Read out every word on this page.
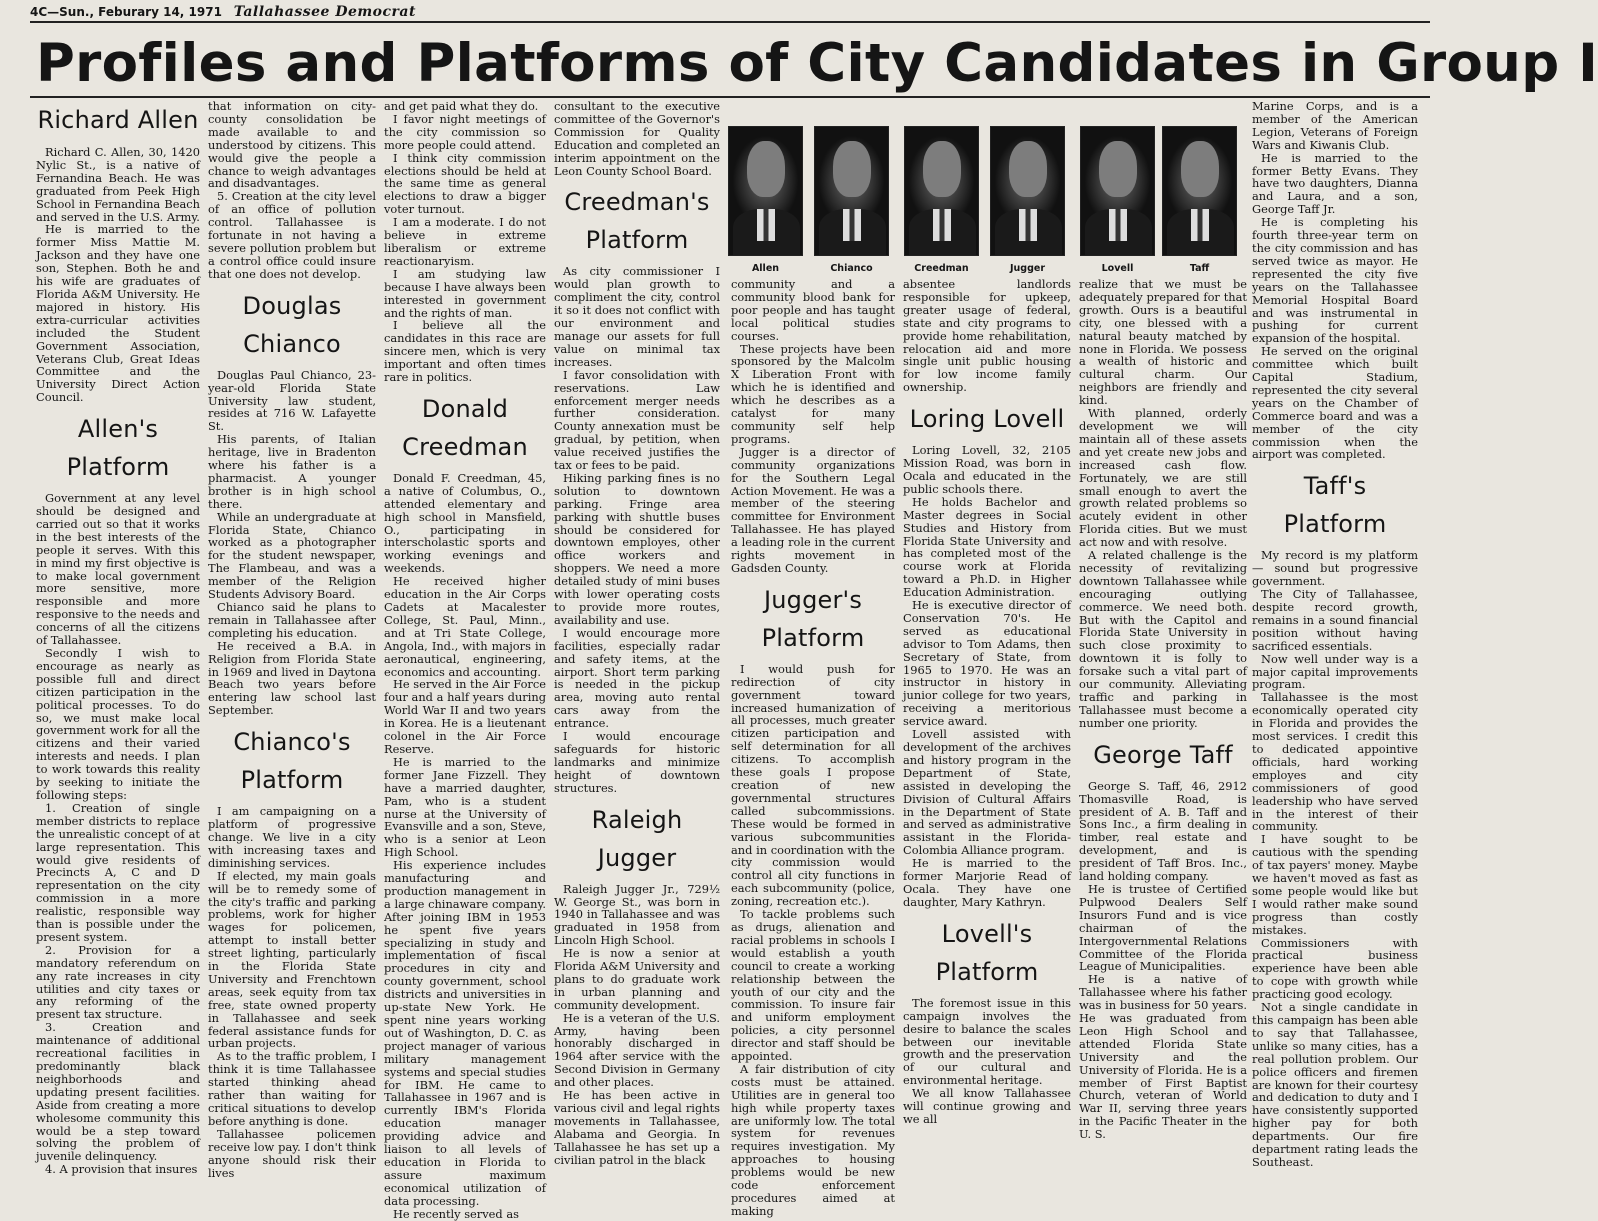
4C—Sun., Feburary 14, 1971 Tallahassee Democrat
Profiles and Platforms of City Candidates in Group I
Richard Allen

Richard C. Allen, 30, 1420 Nylic St., is a native of Fernandina Beach. He was graduated from Peek High School in Fernandina Beach and served in the U.S. Army.

He is married to the former Miss Mattie M. Jackson and they have one son, Stephen. Both he and his wife are graduates of Florida A&M University. He majored in history. His extra-curricular activities included the Student Government Association, Veterans Club, Great Ideas Committee and the University Direct Action Council.

Allen's Platform

Government at any level should be designed and carried out so that it works in the best interests of the people it serves. With this in mind my first objective is to make local government more sensitive, more responsible and more responsive to the needs and concerns of all the citizens of Tallahassee.

Secondly I wish to encourage as nearly as possible full and direct citizen participation in the political processes. To do so, we must make local government work for all the citizens and their varied interests and needs. I plan to work towards this reality by seeking to initiate the following steps:

1. Creation of single member districts to replace the unrealistic concept of at large representation. This would give residents of Precincts A, C and D representation on the city commission in a more realistic, responsible way than is possible under the present system.

2. Provision for a mandatory referendum on any rate increases in city utilities and city taxes or any reforming of the present tax structure.

3. Creation and maintenance of additional recreational facilities in predominantly black neighborhoods and updating present facilities. Aside from creating a more wholesome community this would be a step toward solving the problem of juvenile delinquency.

4. A provision that insures

that information on city-county consolidation be made available to and understood by citizens. This would give the people a chance to weigh advantages and disadvantages.

5. Creation at the city level of an office of pollution control. Tallahassee is fortunate in not having a severe pollution problem but a control office could insure that one does not develop.

Douglas Chianco

Douglas Paul Chianco, 23-year-old Florida State University law student, resides at 716 W. Lafayette St.

His parents, of Italian heritage, live in Bradenton where his father is a pharmacist. A younger brother is in high school there.

While an undergraduate at Florida State, Chianco worked as a photographer for the student newspaper, The Flambeau, and was a member of the Religion Students Advisory Board.

Chianco said he plans to remain in Tallahassee after completing his education.

He received a B.A. in Religion from Florida State in 1969 and lived in Daytona Beach two years before entering law school last September.

Chianco's Platform

I am campaigning on a platform of progressive change. We live in a city with increasing taxes and diminishing services.

If elected, my main goals will be to remedy some of the city's traffic and parking problems, work for higher wages for policemen, attempt to install better street lighting, particularly in the Florida State University and Frenchtown areas, seek equity from tax free, state owned property in Tallahassee and seek federal assistance funds for urban projects.

As to the traffic problem, I think it is time Tallahassee started thinking ahead rather than waiting for critical situations to develop before anything is done.

Tallahassee policemen receive low pay. I don't think anyone should risk their lives

and get paid what they do.

I favor night meetings of the city commission so more people could attend.

I think city commission elections should be held at the same time as general elections to draw a bigger voter turnout.

I am a moderate. I do not believe in extreme liberalism or extreme reactionaryism.

I am studying law because I have always been interested in government and the rights of man.

I believe all the candidates in this race are sincere men, which is very important and often times rare in politics.

Donald Creedman

Donald F. Creedman, 45, a native of Columbus, O., attended elementary and high school in Mansfield, O., participating in interscholastic sports and working evenings and weekends.

He received higher education in the Air Corps Cadets at Macalester College, St. Paul, Minn., and at Tri State College, Angola, Ind., with majors in aeronautical, engineering, economics and accounting.

He served in the Air Force four and a half years during World War II and two years in Korea. He is a lieutenant colonel in the Air Force Reserve.

He is married to the former Jane Fizzell. They have a married daughter, Pam, who is a student nurse at the University of Evansville and a son, Steve, who is a senior at Leon High School.

His experience includes manufacturing and production management in a large chinaware company. After joining IBM in 1953 he spent five years specializing in study and implementation of fiscal procedures in city and county government, school districts and universities in up-state New York. He spent nine years working out of Washington, D. C. as project manager of various military management systems and special studies for IBM. He came to Tallahassee in 1967 and is currently IBM's Florida education manager providing advice and liaison to all levels of education in Florida to assure maximum economical utilization of data processing.

He recently served as

consultant to the executive committee of the Governor's Commission for Quality Education and completed an interim appointment on the Leon County School Board.

Creedman's Platform

As city commissioner I would plan growth to compliment the city, control it so it does not conflict with our environment and manage our assets for full value on minimal tax increases.

I favor consolidation with reservations. Law enforcement merger needs further consideration. County annexation must be gradual, by petition, when value received justifies the tax or fees to be paid.

Hiking parking fines is no solution to downtown parking. Fringe area parking with shuttle buses should be considered for downtown employes, other office workers and shoppers. We need a more detailed study of mini buses with lower operating costs to provide more routes, availability and use.

I would encourage more facilities, especially radar and safety items, at the airport. Short term parking is needed in the pickup area, moving auto rental cars away from the entrance.

I would encourage safeguards for historic landmarks and minimize height of downtown structures.

Raleigh Jugger

Raleigh Jugger Jr., 729½ W. George St., was born in 1940 in Tallahassee and was graduated in 1958 from Lincoln High School.

He is now a senior at Florida A&M University and plans to do graduate work in urban planning and community development.

He is a veteran of the U.S. Army, having been honorably discharged in 1964 after service with the Second Division in Germany and other places.

He has been active in various civil and legal rights movements in Tallahassee, Alabama and Georgia. In Tallahassee he has set up a civilian patrol in the black

Allen	Chianco	Creedman	Jugger	Lovell	Taff

community and a community blood bank for poor people and has taught local political studies courses.

These projects have been sponsored by the Malcolm X Liberation Front with which he is identified and which he describes as a catalyst for many community self help programs.

Jugger is a director of community organizations for the Southern Legal Action Movement. He was a member of the steering committee for Environment Tallahassee. He has played a leading role in the current rights movement in Gadsden County.

Jugger's Platform

I would push for redirection of city government toward increased humanization of all processes, much greater citizen participation and self determination for all citizens. To accomplish these goals I propose creation of new governmental structures called subcommissions. These would be formed in various subcommunities and in coordination with the city commission would control all city functions in each subcommunity (police, zoning, recreation etc.).

To tackle problems such as drugs, alienation and racial problems in schools I would establish a youth council to create a working relationship between the youth of our city and the commission. To insure fair and uniform employment policies, a city personnel director and staff should be appointed.

A fair distribution of city costs must be attained. Utilities are in general too high while property taxes are uniformly low. The total system for revenues requires investigation. My approaches to housing problems would be new code enforcement procedures aimed at making

absentee landlords responsible for upkeep, greater usage of federal, state and city programs to provide home rehabilitation, relocation aid and more single unit public housing for low income family ownership.

Loring Lovell

Loring Lovell, 32, 2105 Mission Road, was born in Ocala and educated in the public schools there.

He holds Bachelor and Master degrees in Social Studies and History from Florida State University and has completed most of the course work at Florida toward a Ph.D. in Higher Education Administration.

He is executive director of Conservation 70's. He served as educational advisor to Tom Adams, then Secretary of State, from 1965 to 1970. He was an instructor in history in junior college for two years, receiving a meritorious service award.

Lovell assisted with development of the archives and history program in the Department of State, assisted in developing the Division of Cultural Affairs in the Department of State and served as administrative assistant in the Florida-Colombia Alliance program.

He is married to the former Marjorie Read of Ocala. They have one daughter, Mary Kathryn.

Lovell's Platform

The foremost issue in this campaign involves the desire to balance the scales between our inevitable growth and the preservation of our cultural and environmental heritage.

We all know Tallahassee will continue growing and we all

realize that we must be adequately prepared for that growth. Ours is a beautiful city, one blessed with a natural beauty matched by none in Florida. We possess a wealth of historic and cultural charm. Our neighbors are friendly and kind.

With planned, orderly development we will maintain all of these assets and yet create new jobs and increased cash flow. Fortunately, we are still small enough to avert the growth related problems so acutely evident in other Florida cities. But we must act now and with resolve.

A related challenge is the necessity of revitalizing downtown Tallahassee while encouraging outlying commerce. We need both. But with the Capitol and Florida State University in such close proximity to downtown it is folly to forsake such a vital part of our community. Alleviating traffic and parking in Tallahassee must become a number one priority.

George Taff

George S. Taff, 46, 2912 Thomasville Road, is president of A. B. Taff and Sons Inc., a firm dealing in timber, real estate and development, and is president of Taff Bros. Inc., land holding company.

He is trustee of Certified Pulpwood Dealers Self Insurors Fund and is vice chairman of the Intergovernmental Relations Committee of the Florida League of Municipalities.

He is a native of Tallahassee where his father was in business for 50 years. He was graduated from Leon High School and attended Florida State University and the University of Florida. He is a member of First Baptist Church, veteran of World War II, serving three years in the Pacific Theater in the U. S.

Marine Corps, and is a member of the American Legion, Veterans of Foreign Wars and Kiwanis Club.

He is married to the former Betty Evans. They have two daughters, Dianna and Laura, and a son, George Taff Jr.

He is completing his fourth three-year term on the city commission and has served twice as mayor. He represented the city five years on the Tallahassee Memorial Hospital Board and was instrumental in pushing for current expansion of the hospital.

He served on the original committee which built Capital Stadium, represented the city several years on the Chamber of Commerce board and was a member of the city commission when the airport was completed.

Taff's Platform

My record is my platform — sound but progressive government.

The City of Tallahassee, despite record growth, remains in a sound financial position without having sacrificed essentials.

Now well under way is a major capital improvements program.

Tallahassee is the most economically operated city in Florida and provides the most services. I credit this to dedicated appointive officials, hard working employes and city commissioners of good leadership who have served in the interest of their community.

I have sought to be cautious with the spending of tax payers' money. Maybe we haven't moved as fast as some people would like but I would rather make sound progress than costly mistakes.

Commissioners with practical business experience have been able to cope with growth while practicing good ecology.

Not a single candidate in this campaign has been able to say that Tallahassee, unlike so many cities, has a real pollution problem. Our police officers and firemen are known for their courtesy and dedication to duty and I have consistently supported higher pay for both departments. Our fire department rating leads the Southeast.
